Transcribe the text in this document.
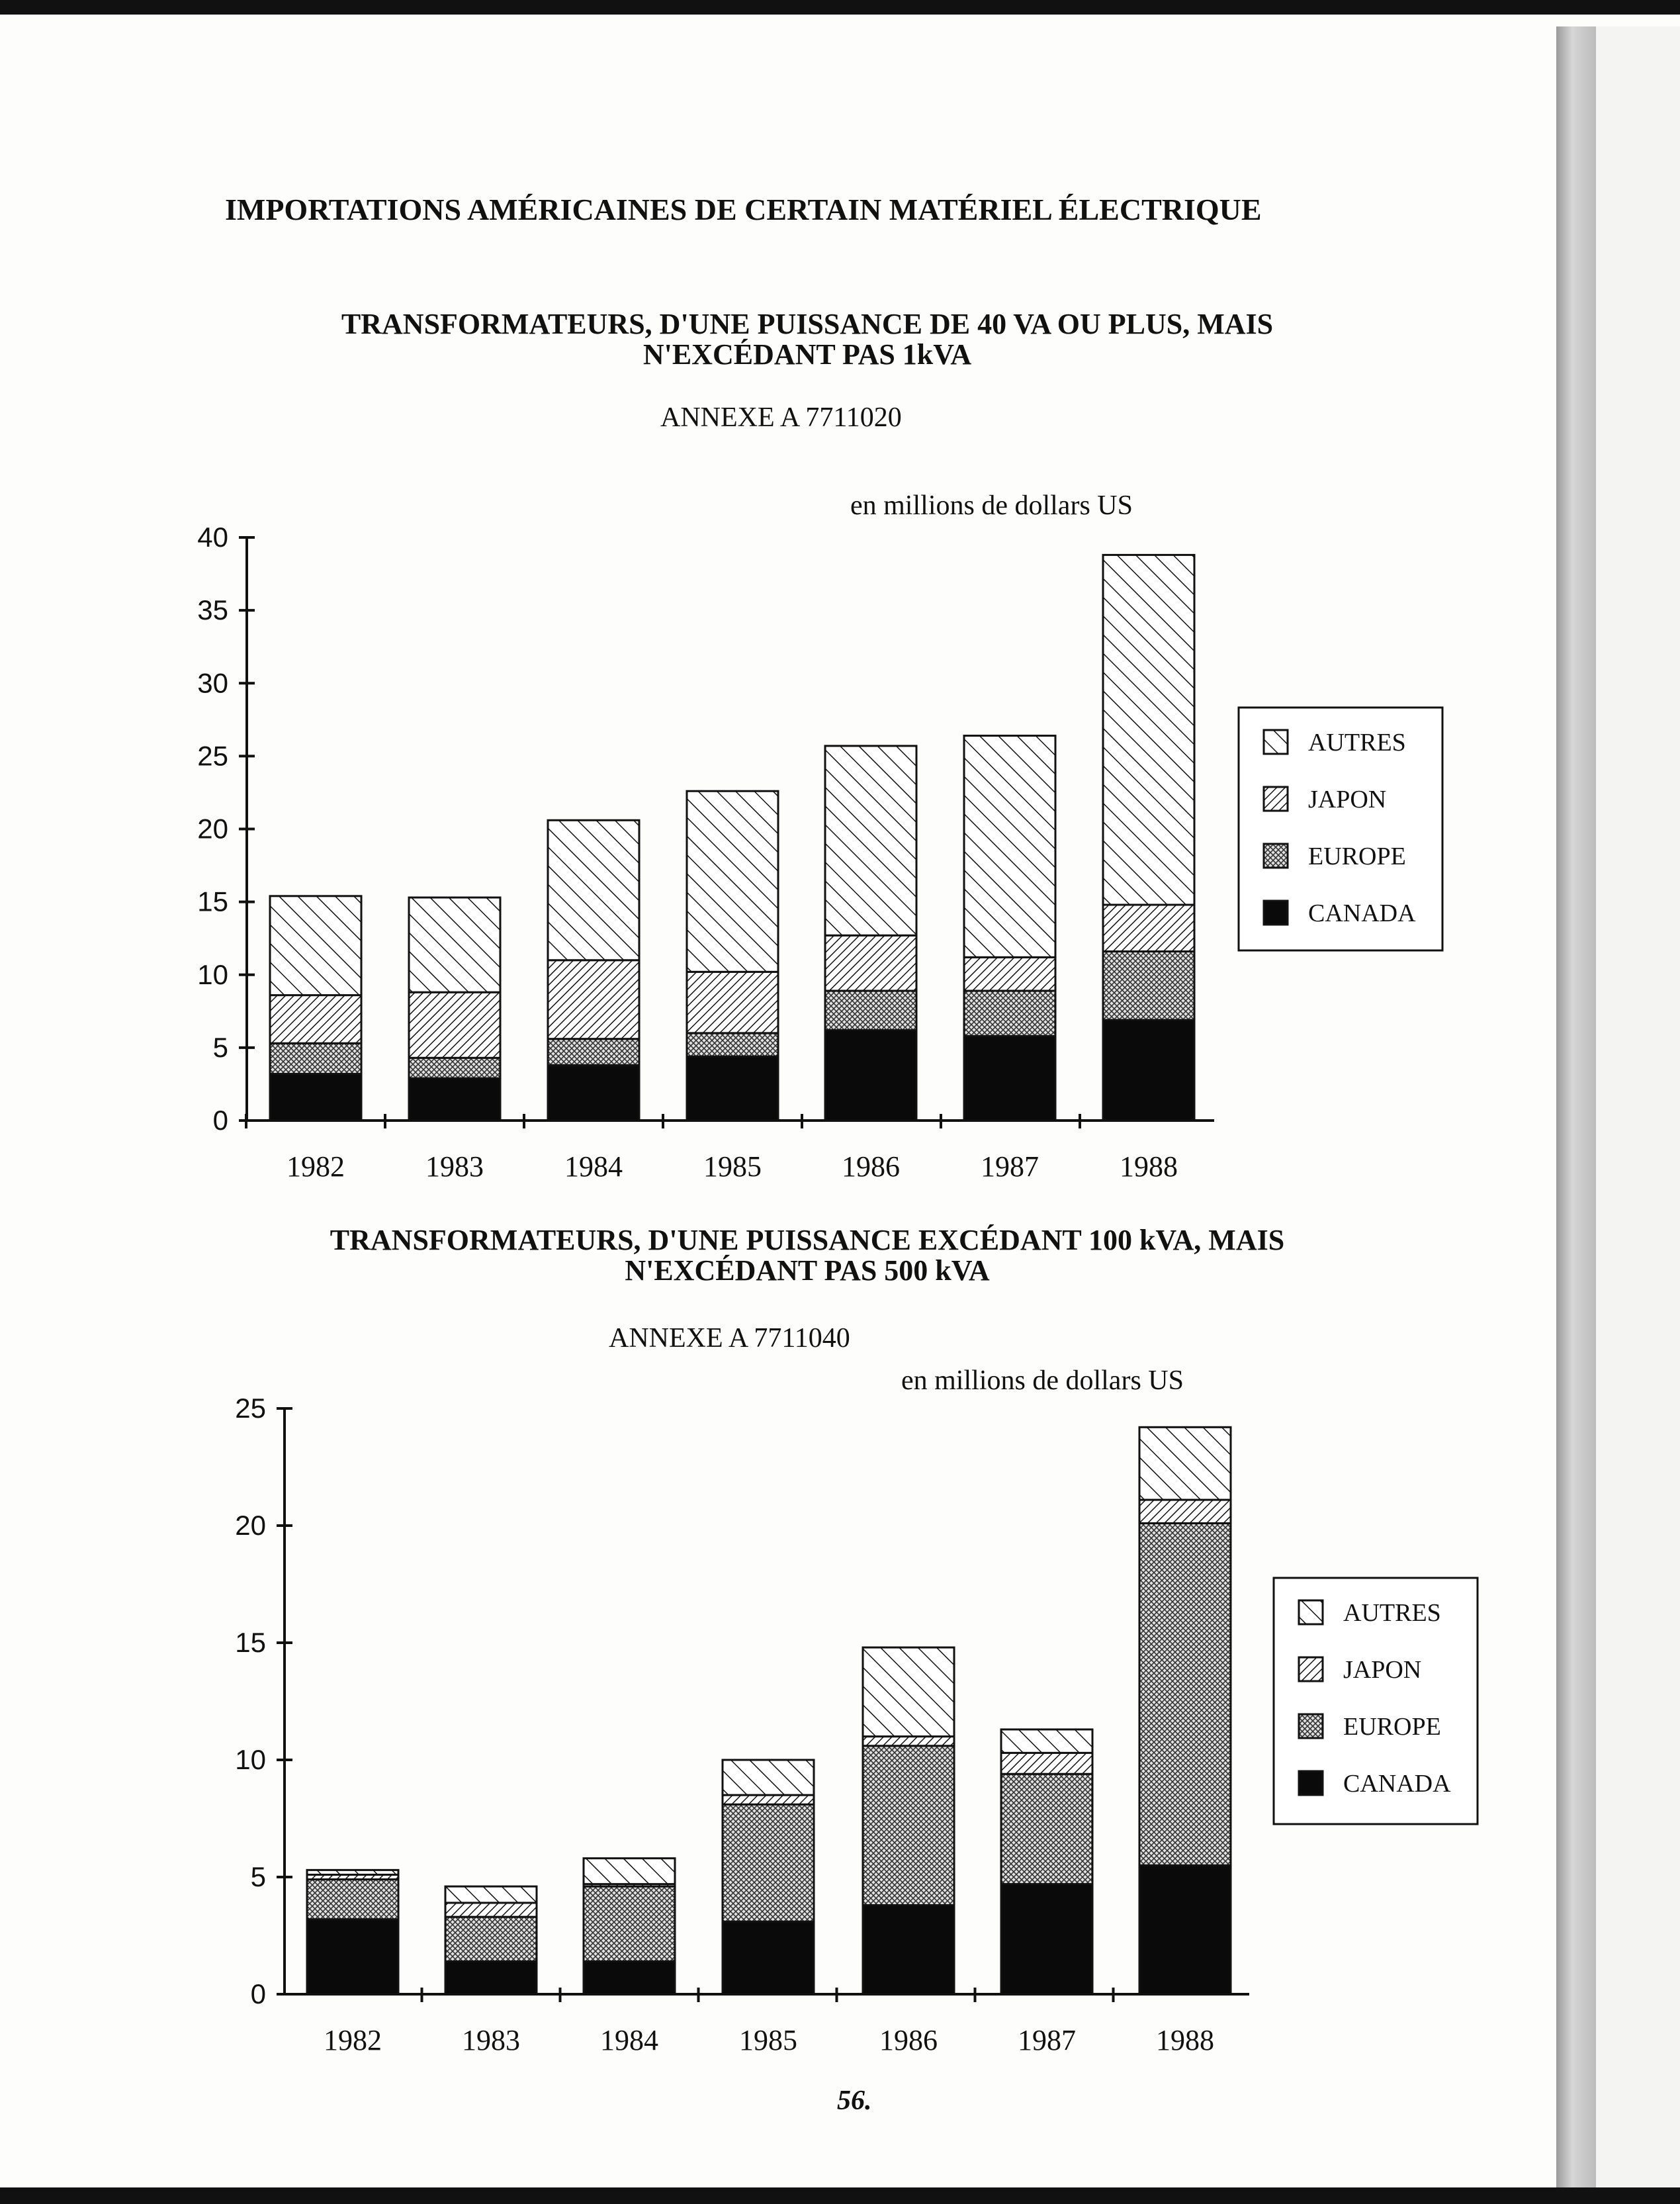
IMPORTATIONS AMÉRICAINES DE CERTAIN MATÉRIEL ÉLECTRIQUE
TRANSFORMATEURS, D'UNE PUISSANCE DE 40 VA OU PLUS, MAIS
N'EXCÉDANT PAS 1kVA
ANNEXE A 7711020
en millions de dollars US
TRANSFORMATEURS, D'UNE PUISSANCE EXCÉDANT 100 kVA, MAIS
N'EXCÉDANT PAS 500 kVA
ANNEXE A 7711040
en millions de dollars US
56.
0
5
10
15
20
25
30
35
40
1982	1983	1984	1985	1986	1987	1988
AUTRES
JAPON
EUROPE
CANADA
0
5
10
15
20
25
1982	1983	1984	1985	1986	1987	1988
AUTRES
JAPON
EUROPE
CANADA
